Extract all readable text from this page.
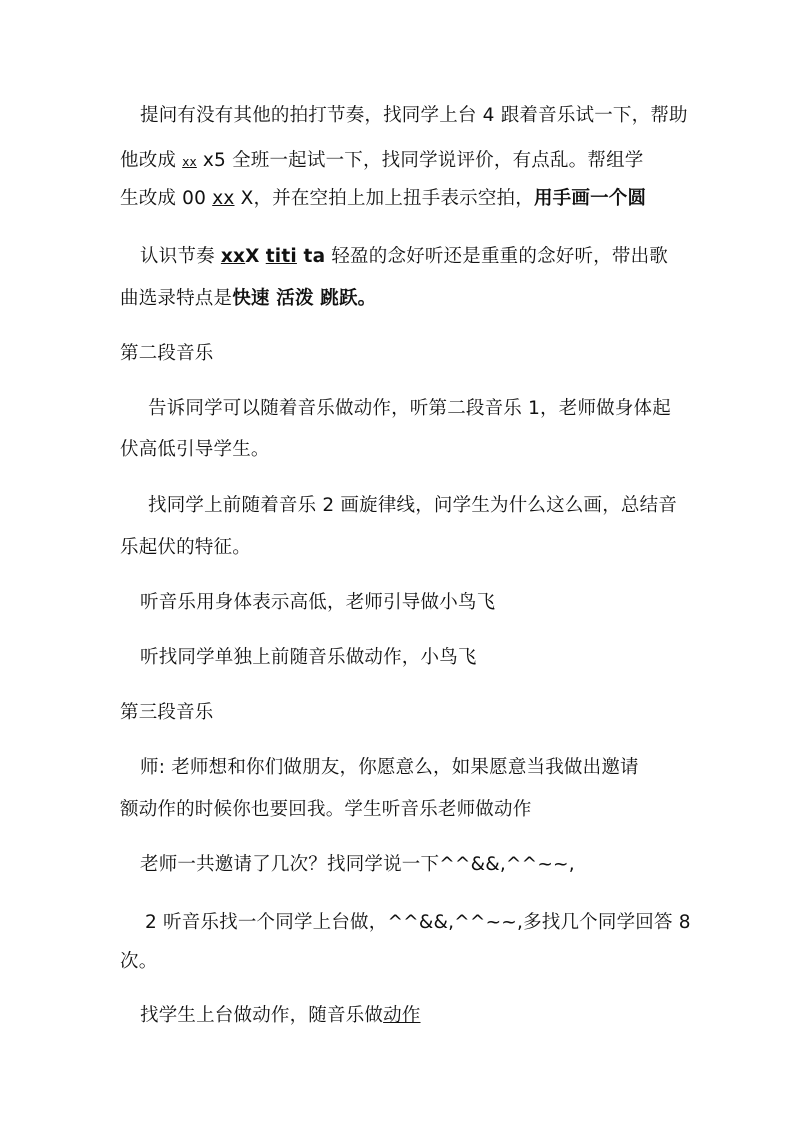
提问有没有其他的拍打节奏，找同学上台 4 跟着音乐试一下，帮助
他改成 xx x5 全班一起试一下，找同学说评价，有点乱。帮组学
生改成 00 xx X，并在空拍上加上扭手表示空拍，用手画一个圆
认识节奏 xxX titi ta 轻盈的念好听还是重重的念好听，带出歌
曲选录特点是快速 活泼 跳跃。
第二段音乐
告诉同学可以随着音乐做动作，听第二段音乐 1，老师做身体起
伏高低引导学生。
找同学上前随着音乐 2 画旋律线，问学生为什么这么画，总结音
乐起伏的特征。
听音乐用身体表示高低，老师引导做小鸟飞
听找同学单独上前随音乐做动作，小鸟飞
第三段音乐
师: 老师想和你们做朋友，你愿意么，如果愿意当我做出邀请
额动作的时候你也要回我。学生听音乐老师做动作
老师一共邀请了几次？找同学说一下^^&&,^^~~,
2 听音乐找一个同学上台做，^^&&,^^~~,多找几个同学回答 8
次。
找学生上台做动作，随音乐做动作
